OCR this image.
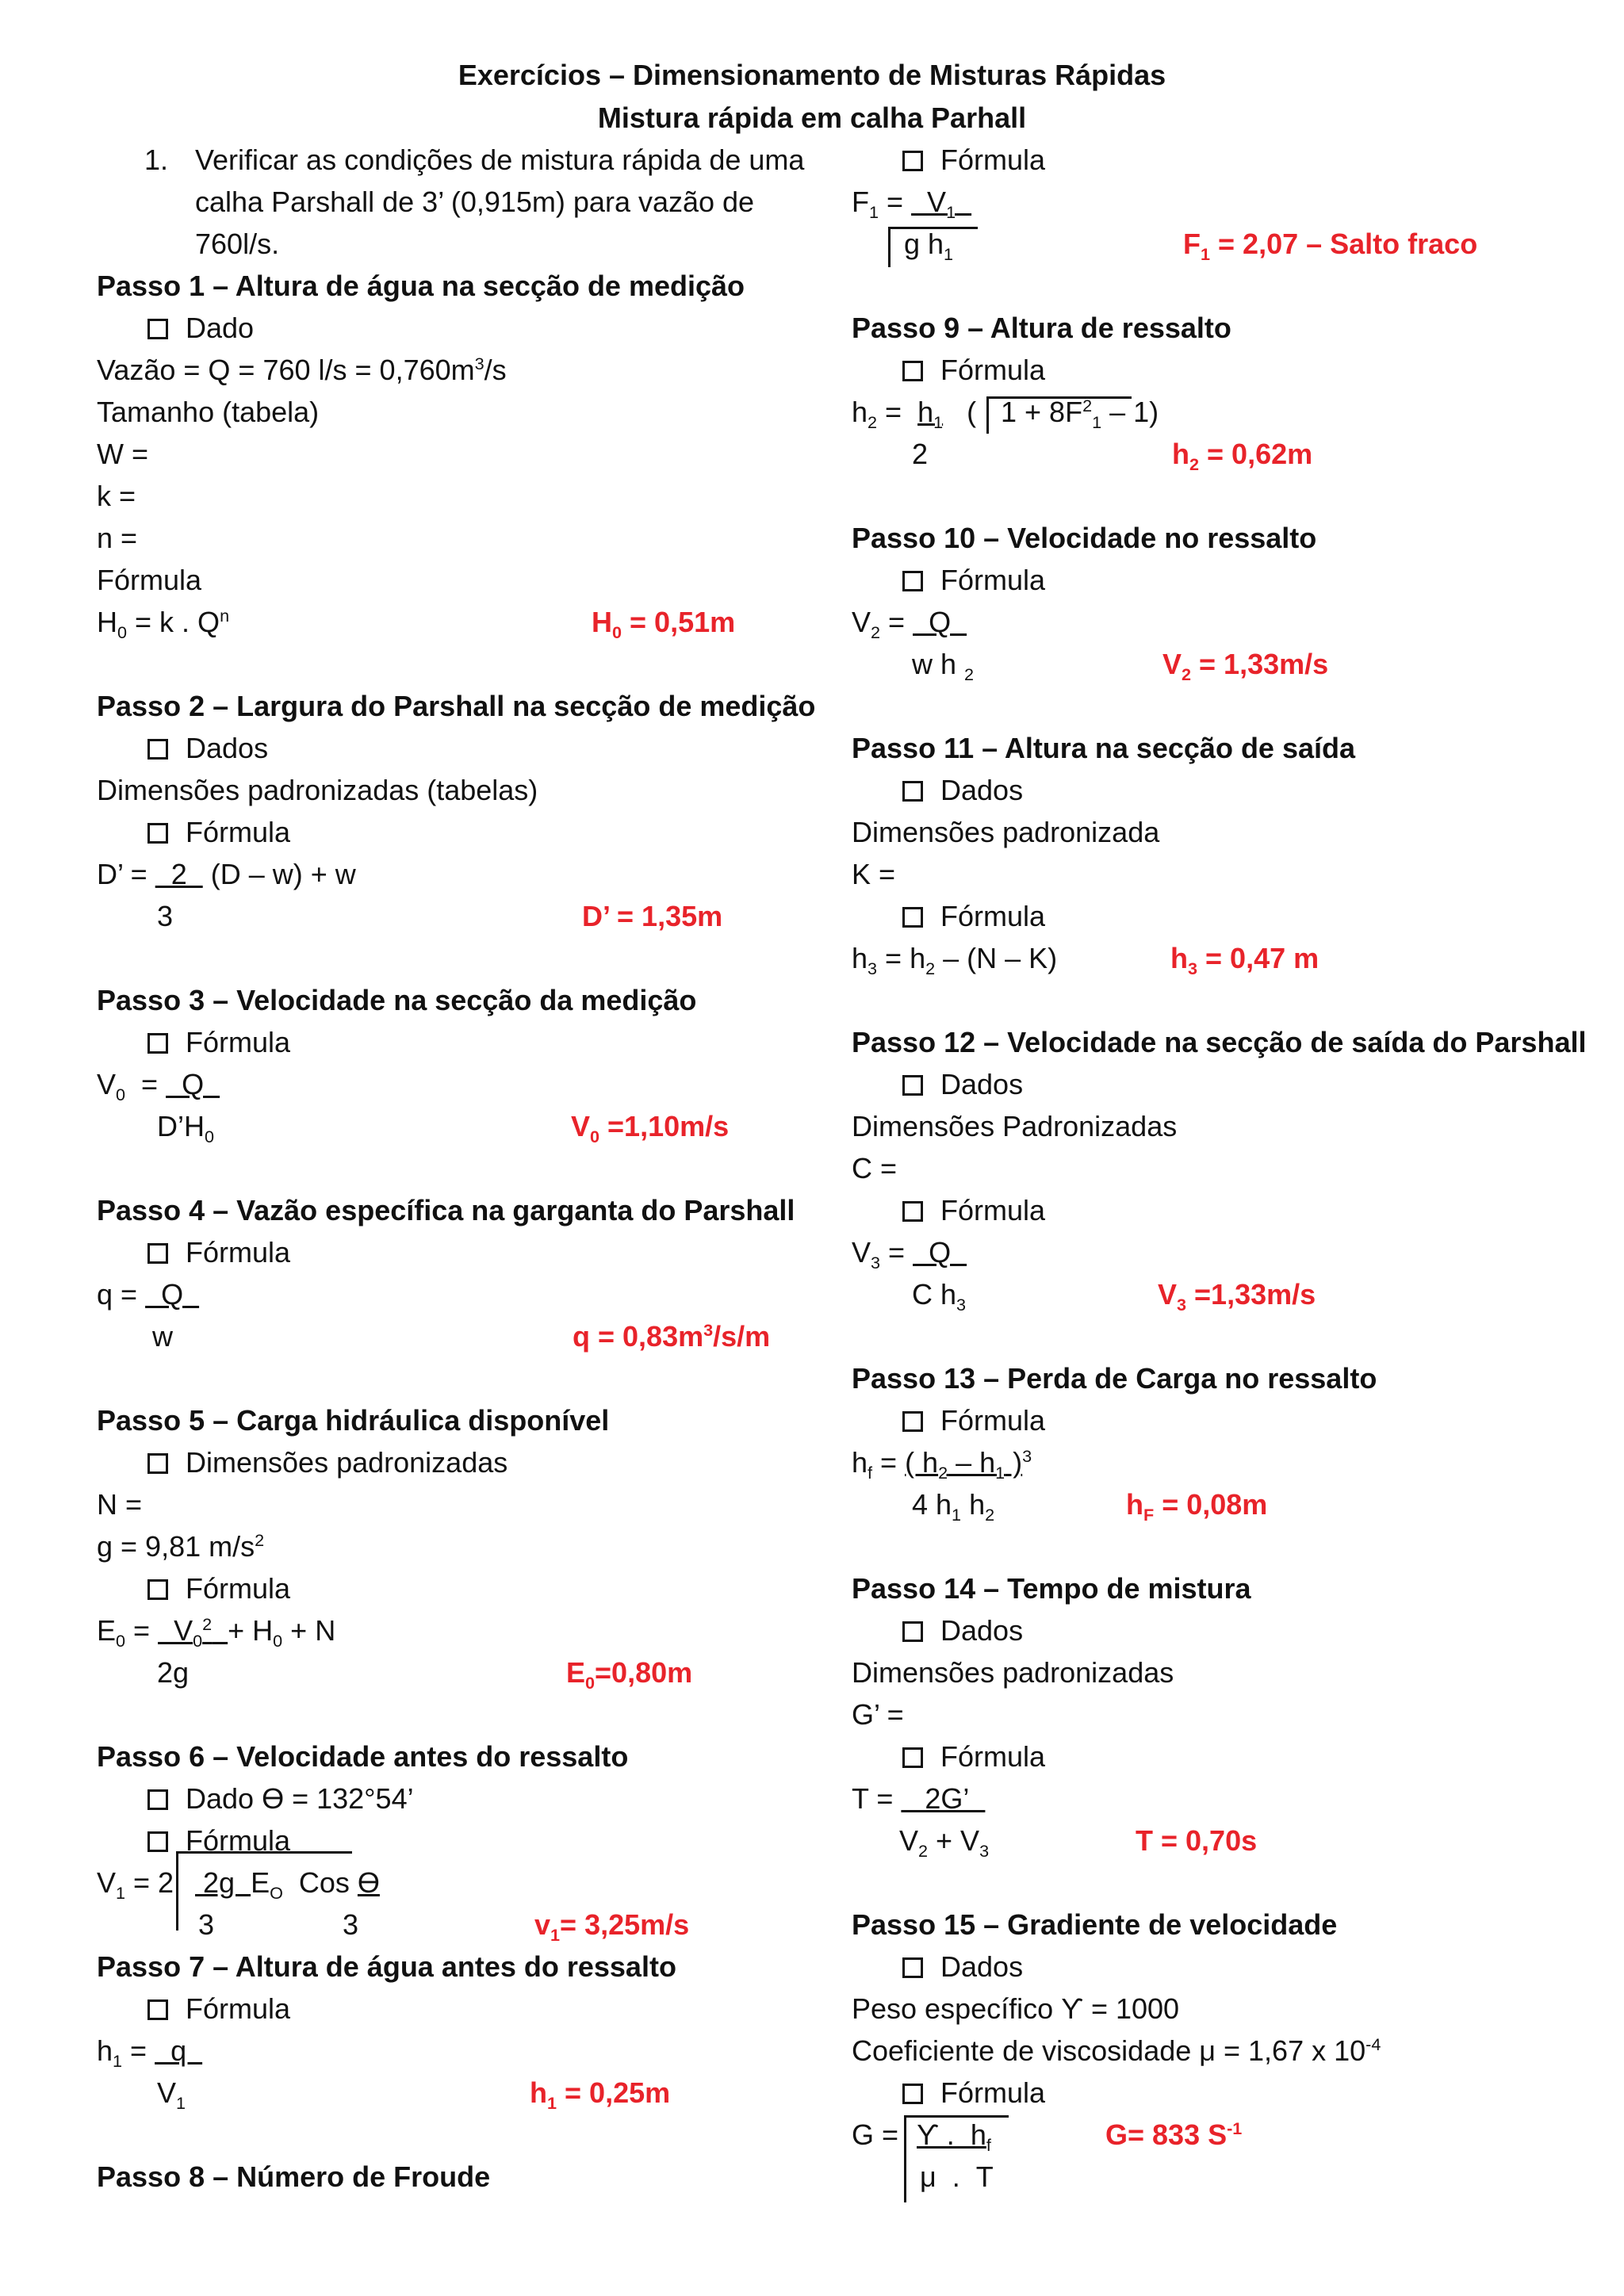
Exercícios – Dimensionamento de Misturas Rápidas
Mistura rápida em calha Parhall
1. Verificar as condições de mistura rápida de uma
calha Parshall de 3’ (0,915m) para vazão de
760l/s.
Passo 1 – Altura de água na secção de medição
Dado
Vazão = Q = 760 $l/s = 0,760m^3/s$
Tamanho (tabela)
W =
k =
n =
Fórmula
$H_0 = k$ . $Q^n$	$H_0 = 0,51m$
Passo 2 – Largura do Parshall na secção de medição
Dados
Dimensões padronizadas (tabelas)
Fórmula
D’ =   2   (D – w) + w
3	D’ = 1,35m
Passo 3 – Velocidade na secção da medição
Fórmula
$V_0 = Q$
$D’H_0$	$V_0 =1,10m/s$
Passo 4 – Vazão específica na garganta do Parshall
Fórmula
q =   Q
w	$q = 0,83m^3/s/m$
Passo 5 – Carga hidráulica disponível
Dimensões padronizadas
N =
g = 9,81 $m/s^2$
Fórmula
$E_0 = V_0^2 + H_0 + N$
2g	$E_0=0,80m$
Passo 6 – Velocidade antes do ressalto
Dado ϴ = 132°54’
Fórmula
$V_1 = 2$ 2g  $E_O$  Cos ϴ
3	3	$v_1= 3,25m/s$
Passo 7 – Altura de água antes do ressalto
Fórmula
$h_1 = q$
$V_1$	$h_1 = 0,25m$
Passo 8 – Número de Froude
Fórmula
$F_1 = V_1$
g $h_1$	$F_1 = 2,07$ – Salto fraco
Passo 9 – Altura de ressalto
Fórmula
$h_2 = h_1$   ( $1 + 8F^2_1 - 1$)
2	$h_2 = 0,62m$
Passo 10 – Velocidade no ressalto
Fórmula
$V_2 = Q$
w h $_2$	$V_2 = 1,33m/s$
Passo 11 – Altura na secção de saída
Dados
Dimensões padronizada
K =
Fórmula
$h_3 = h_2 - (N - K)$	$h_3 = 0,47$ m
Passo 12 – Velocidade na secção de saída do Parshall
Dados
Dimensões Padronizadas
C =
Fórmula
$V_3 = Q$
C $h_3$	$V_3 =1,33m/s$
Passo 13 – Perda de Carga no ressalto
Fórmula
$h_f$ = ( $h_2 - h_1$ )$^3$
4 $h_1$ $h_2$	$h_F = 0,08m$
Passo 14 – Tempo de mistura
Dados
Dimensões padronizadas
G’ =
Fórmula
T =    2G’
$V_2 + V_3$	T = 0,70s
Passo 15 – Gradiente de velocidade
Dados
Peso específico ϒ = 1000
Coeficiente de viscosidade μ = 1,67 x $10^{-4}$
Fórmula
G = ϒ .  $h_f$
μ  .  T
G= 833 $S^{-1}$
